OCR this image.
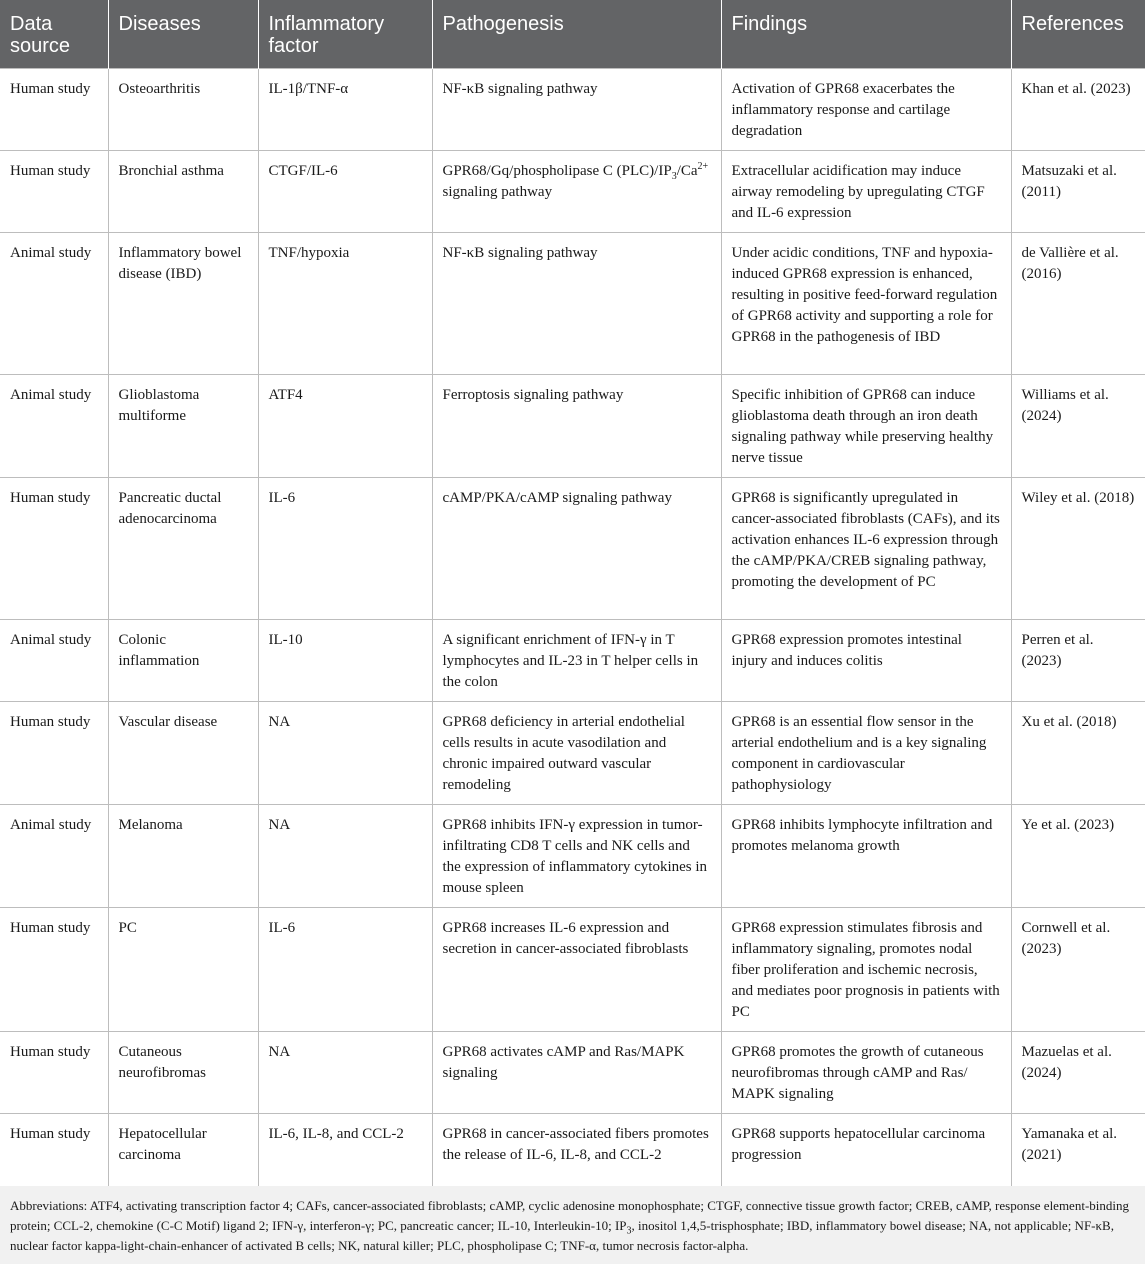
Data source	Diseases	Inflammatory factor	Pathogenesis	Findings	References
Human study	Osteoarthritis	IL-1β/TNF-α	NF-κB signaling pathway	Activation of GPR68 exacerbates the inflammatory response and cartilage degradation	Khan et al. (2023)
Human study	Bronchial asthma	CTGF/IL-6	GPR68/Gq/phospholipase C $(PLC)/IP_3/Ca^{2+}$ signaling pathway	Extracellular acidification may induce airway remodeling by upregulating CTGF and IL-6 expression	Matsuzaki et al. (2011)
Animal study	Inflammatory bowel disease (IBD)	TNF/hypoxia	NF-κB signaling pathway	Under acidic conditions, TNF and hypoxia-induced GPR68 expression is enhanced, resulting in positive feed-forward regulation of GPR68 activity and supporting a role for GPR68 in the pathogenesis of IBD	de Vallière et al. (2016)
Animal study	Glioblastoma multiforme	ATF4	Ferroptosis signaling pathway	Specific inhibition of GPR68 can induce glioblastoma death through an iron death signaling pathway while preserving healthy nerve tissue	Williams et al. (2024)
Human study	Pancreatic ductal adenocarcinoma	IL-6	cAMP/PKA/cAMP signaling pathway	GPR68 is significantly upregulated in cancer-associated fibroblasts (CAFs), and its activation enhances IL-6 expression through the cAMP/PKA/CREB signaling pathway, promoting the development of PC	Wiley et al. (2018)
Animal study	Colonic inflammation	IL-10	A significant enrichment of IFN-γ in T lymphocytes and IL-23 in T helper cells in the colon	GPR68 expression promotes intestinal injury and induces colitis	Perren et al. (2023)
Human study	Vascular disease	NA	GPR68 deficiency in arterial endothelial cells results in acute vasodilation and chronic impaired outward vascular remodeling	GPR68 is an essential flow sensor in the arterial endothelium and is a key signaling component in cardiovascular pathophysiology	Xu et al. (2018)
Animal study	Melanoma	NA	GPR68 inhibits IFN-γ expression in tumor-infiltrating CD8 T cells and NK cells and the expression of inflammatory cytokines in mouse spleen	GPR68 inhibits lymphocyte infiltration and promotes melanoma growth	Ye et al. (2023)
Human study	PC	IL-6	GPR68 increases IL-6 expression and secretion in cancer-associated fibroblasts	GPR68 expression stimulates fibrosis and inflammatory signaling, promotes nodal fiber proliferation and ischemic necrosis, and mediates poor prognosis in patients with PC	Cornwell et al. (2023)
Human study	Cutaneous neurofibromas	NA	GPR68 activates cAMP and Ras/MAPK signaling	GPR68 promotes the growth of cutaneous neurofibromas through cAMP and Ras/ MAPK signaling	Mazuelas et al. (2024)
Human study	Hepatocellular carcinoma	IL-6, IL-8, and CCL-2	GPR68 in cancer-associated fibers promotes the release of IL-6, IL-8, and CCL-2	GPR68 supports hepatocellular carcinoma progression	Yamanaka et al. (2021)
Abbreviations: ATF4, activating transcription factor 4; CAFs, cancer-associated fibroblasts; cAMP, cyclic adenosine monophosphate; CTGF, connective tissue growth factor; CREB, cAMP, response element-binding protein; CCL-2, chemokine (C-C Motif) ligand 2; IFN-γ, interferon-γ; PC, pancreatic cancer; IL-10, Interleukin-10; $IP_3$, inositol 1,4,5-trisphosphate; IBD, inflammatory bowel disease; NA, not applicable; NF-κB, nuclear factor kappa-light-chain-enhancer of activated B cells; NK, natural killer; PLC, phospholipase C; TNF-α, tumor necrosis factor-alpha.
